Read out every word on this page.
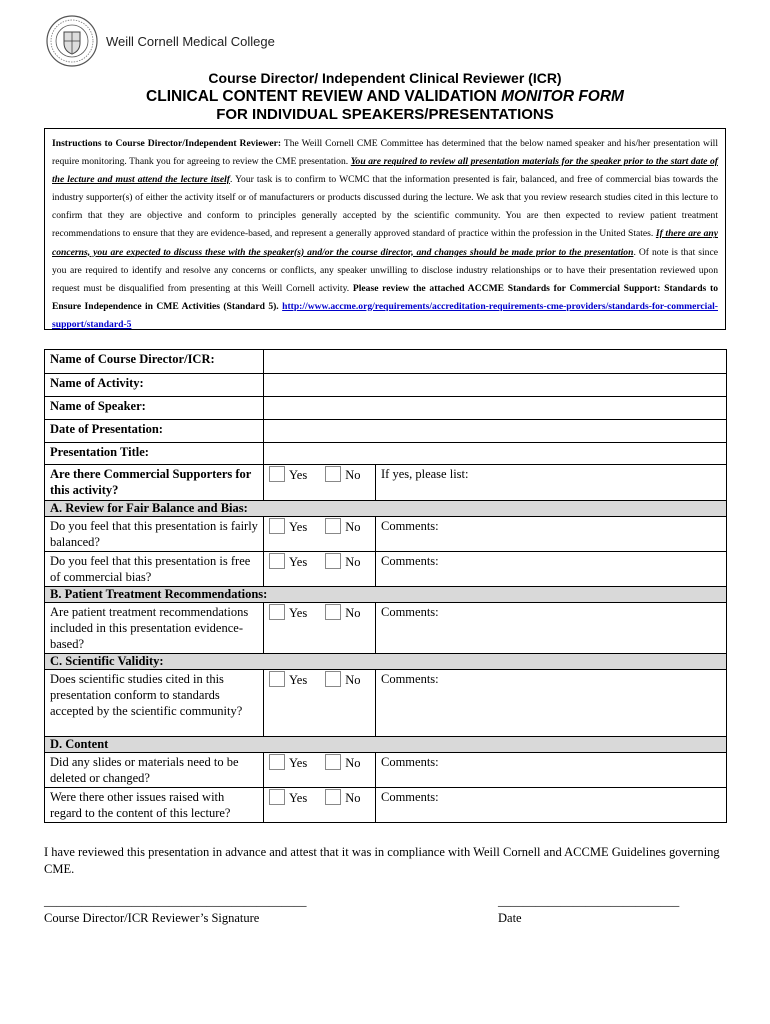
Weill Cornell Medical College
Course Director/ Independent Clinical Reviewer (ICR)
CLINICAL CONTENT REVIEW AND VALIDATION MONITOR FORM
FOR INDIVIDUAL SPEAKERS/PRESENTATIONS
Instructions to Course Director/Independent Reviewer: The Weill Cornell CME Committee has determined that the below named speaker and his/her presentation will require monitoring. Thank you for agreeing to review the CME presentation. You are required to review all presentation materials for the speaker prior to the start date of the lecture and must attend the lecture itself. Your task is to confirm to WCMC that the information presented is fair, balanced, and free of commercial bias towards the industry supporter(s) of either the activity itself or of manufacturers or products discussed during the lecture. We ask that you review research studies cited in this lecture to confirm that they are objective and conform to principles generally accepted by the scientific community. You are then expected to review patient treatment recommendations to ensure that they are evidence-based, and represent a generally approved standard of practice within the profession in the United States. If there are any concerns, you are expected to discuss these with the speaker(s) and/or the course director, and changes should be made prior to the presentation. Of note is that since you are required to identify and resolve any concerns or conflicts, any speaker unwilling to disclose industry relationships or to have their presentation reviewed upon request must be disqualified from presenting at this Weill Cornell activity. Please review the attached ACCME Standards for Commercial Support: Standards to Ensure Independence in CME Activities (Standard 5). http://www.accme.org/requirements/accreditation-requirements-cme-providers/standards-for-commercial-support/standard-5
Name of Course Director/ICR:		
Name of Activity:		
Name of Speaker:		
Date of Presentation:		
Presentation Title:		
Are there Commercial Supporters for this activity?	Yes No	If yes, please list:
A. Review for Fair Balance and Bias:		
Do you feel that this presentation is fairly balanced?	Yes No	Comments:
Do you feel that this presentation is free of commercial bias?	Yes No	Comments:
B. Patient Treatment Recommendations:		
Are patient treatment recommendations included in this presentation evidence-based?	Yes No	Comments:
C. Scientific Validity:		
Does scientific studies cited in this presentation conform to standards accepted by the scientific community?	Yes No	Comments:
D. Content		
Did any slides or materials need to be deleted or changed?	Yes No	Comments:
Were there other issues raised with regard to the content of this lecture?	Yes No	Comments:
I have reviewed this presentation in advance and attest that it was in compliance with Weill Cornell and ACCME Guidelines governing CME.
__________________________________________
Course Director/ICR Reviewer’s Signature
_____________________________
Date
